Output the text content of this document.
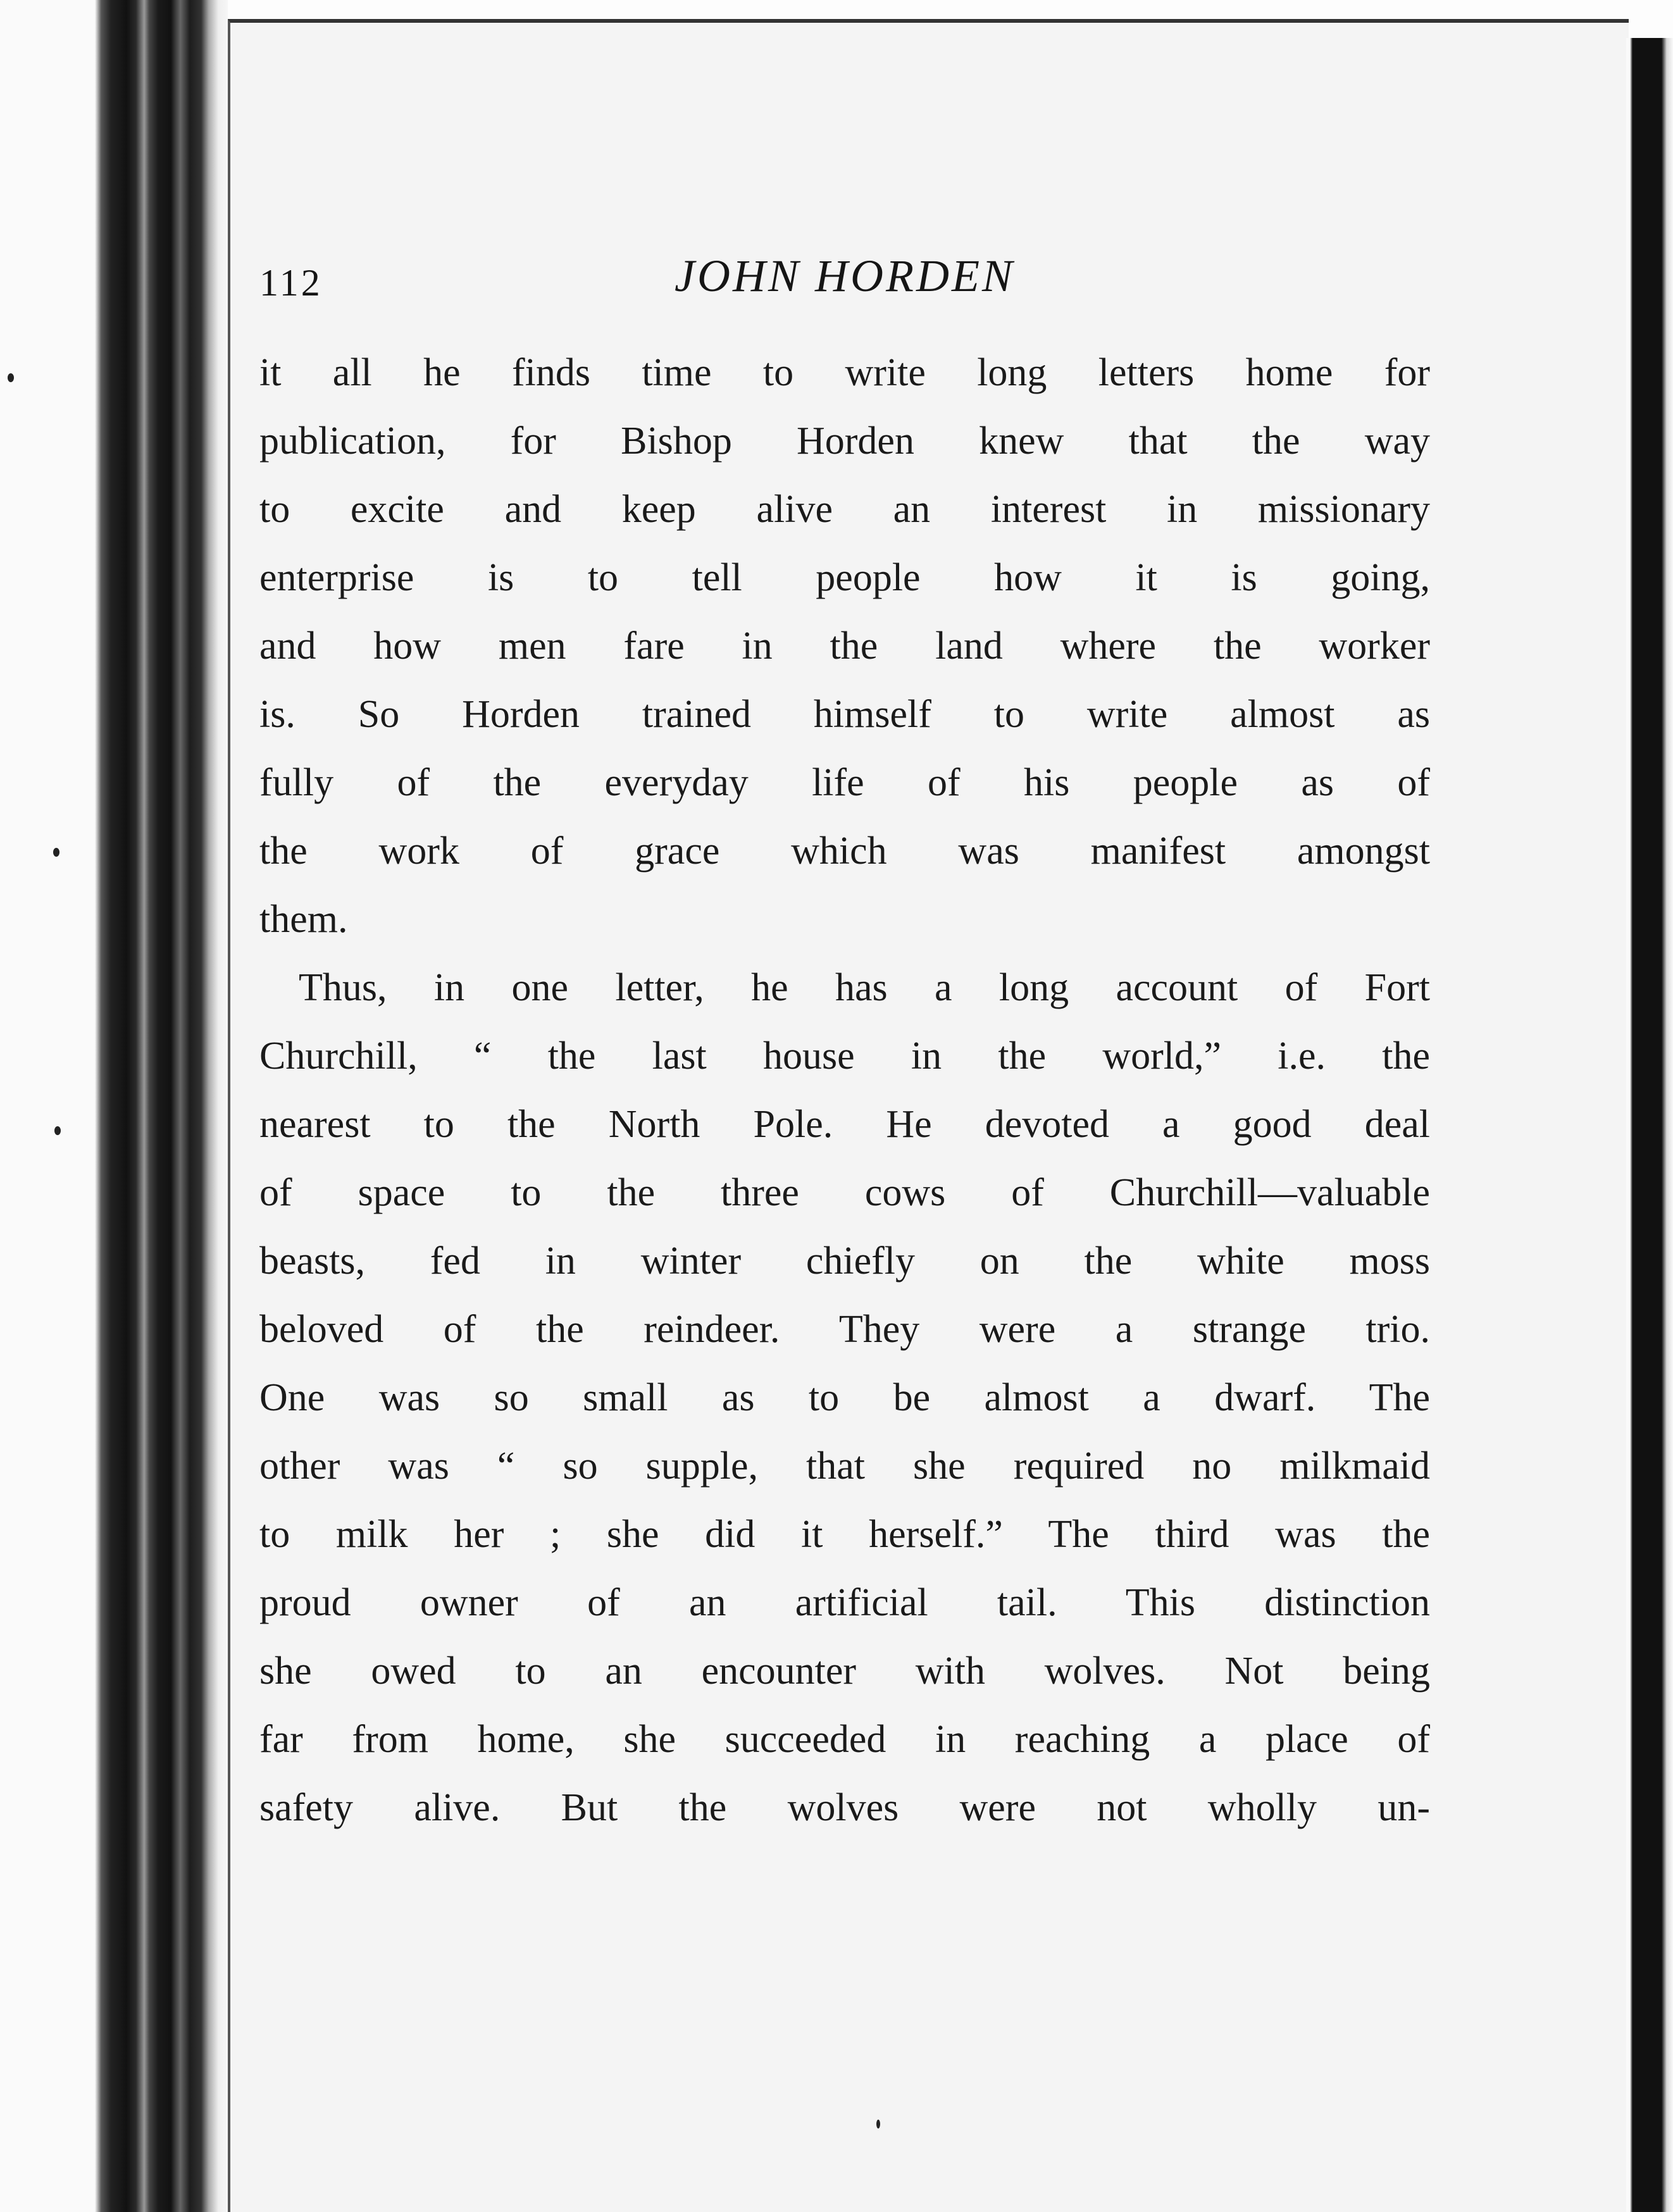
112	JOHN HORDEN
it all he finds time to write long letters home for
publication, for Bishop Horden knew that the way
to excite and keep alive an interest in missionary
enterprise is to tell people how it is going,
and how men fare in the land where the worker
is. So Horden trained himself to write almost as
fully of the everyday life of his people as of
the work of grace which was manifest amongst
them.
Thus, in one letter, he has a long account of Fort
Churchill, “ the last house in the world,” i.e. the
nearest to the North Pole. He devoted a good deal
of space to the three cows of Churchill—valuable
beasts, fed in winter chiefly on the white moss
beloved of the reindeer. They were a strange trio.
One was so small as to be almost a dwarf. The
other was “ so supple, that she required no milkmaid
to milk her ; she did it herself.” The third was the
proud owner of an artificial tail. This distinction
she owed to an encounter with wolves. Not being
far from home, she succeeded in reaching a place of
safety alive. But the wolves were not wholly un-
